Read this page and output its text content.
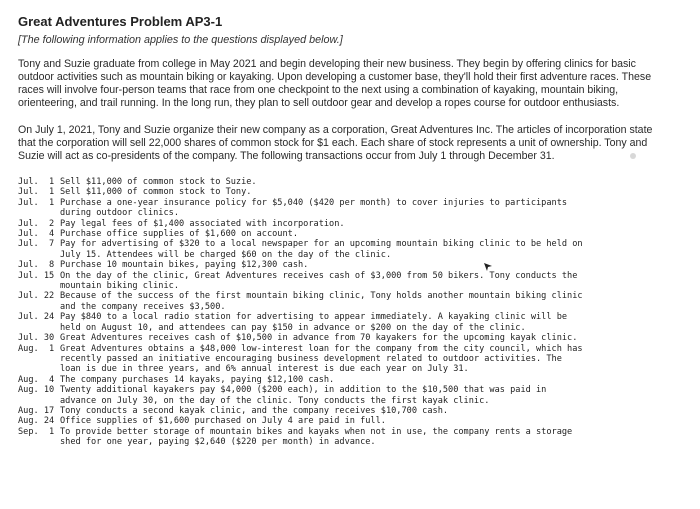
Great Adventures Problem AP3-1
[The following information applies to the questions displayed below.]

Tony and Suzie graduate from college in May 2021 and begin developing their new business. They begin by offering clinics for basic outdoor activities such as mountain biking or kayaking. Upon developing a customer base, they'll hold their first adventure races. These races will involve four-person teams that race from one checkpoint to the next using a combination of kayaking, mountain biking, orienteering, and trail running. In the long run, they plan to sell outdoor gear and develop a ropes course for outdoor enthusiasts.

On July 1, 2021, Tony and Suzie organize their new company as a corporation, Great Adventures Inc. The articles of incorporation state that the corporation will sell 22,000 shares of common stock for $1 each. Each share of stock represents a unit of ownership. Tony and Suzie will act as co-presidents of the company. The following transactions occur from July 1 through December 31.

Jul.  1 Sell $11,000 of common stock to Suzie.
Jul.  1 Sell $11,000 of common stock to Tony.
Jul.  1 Purchase a one-year insurance policy for $5,040 ($420 per month) to cover injuries to participants
during outdoor clinics.
Jul.  2 Pay legal fees of $1,400 associated with incorporation.
Jul.  4 Purchase office supplies of $1,600 on account.
Jul.  7 Pay for advertising of $320 to a local newspaper for an upcoming mountain biking clinic to be held on
July 15. Attendees will be charged $60 on the day of the clinic.
Jul.  8 Purchase 10 mountain bikes, paying $12,300 cash.
Jul. 15 On the day of the clinic, Great Adventures receives cash of $3,000 from 50 bikers. Tony conducts the
mountain biking clinic.
Jul. 22 Because of the success of the first mountain biking clinic, Tony holds another mountain biking clinic
and the company receives $3,500.
Jul. 24 Pay $840 to a local radio station for advertising to appear immediately. A kayaking clinic will be
held on August 10, and attendees can pay $150 in advance or $200 on the day of the clinic.
Jul. 30 Great Adventures receives cash of $10,500 in advance from 70 kayakers for the upcoming kayak clinic.
Aug.  1 Great Adventures obtains a $48,000 low-interest loan for the company from the city council, which has
recently passed an initiative encouraging business development related to outdoor activities. The
loan is due in three years, and 6% annual interest is due each year on July 31.
Aug.  4 The company purchases 14 kayaks, paying $12,100 cash.
Aug. 10 Twenty additional kayakers pay $4,000 ($200 each), in addition to the $10,500 that was paid in
advance on July 30, on the day of the clinic. Tony conducts the first kayak clinic.
Aug. 17 Tony conducts a second kayak clinic, and the company receives $10,700 cash.
Aug. 24 Office supplies of $1,600 purchased on July 4 are paid in full.
Sep.  1 To provide better storage of mountain bikes and kayaks when not in use, the company rents a storage
shed for one year, paying $2,640 ($220 per month) in advance.
